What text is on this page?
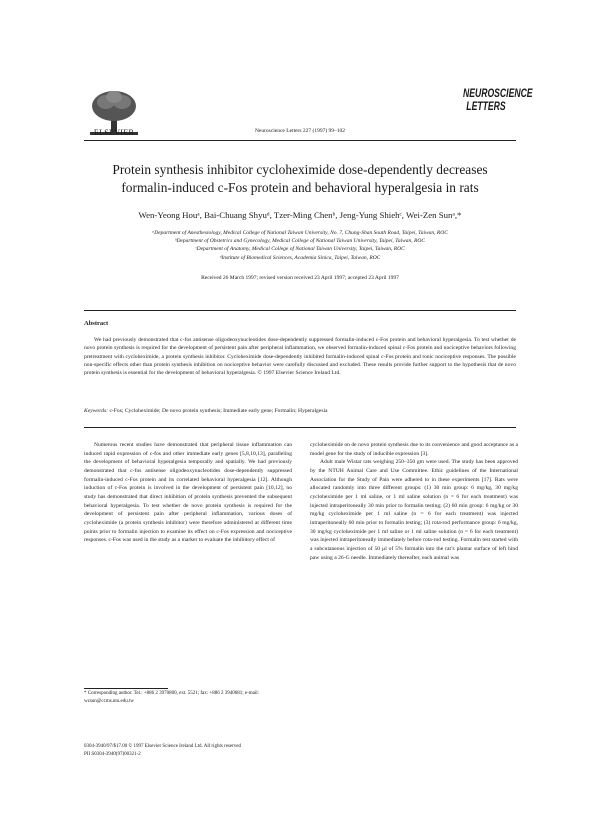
ELSEVIER	Neuroscience Letters 227 (1997) 99–102
NEUROSCIENCE
LETTERS
Protein synthesis inhibitor cycloheximide dose-dependently decreases
formalin-induced c-Fos protein and behavioral hyperalgesia in rats
Wen-Yeong Houᵃ, Bai-Chuang Shyuᵈ, Tzer-Ming Chenᵇ, Jeng-Yung Shiehᶜ, Wei-Zen Sunᵃ,*
ᵃDepartment of Anesthesiology, Medical College of National Taiwan University, No. 7, Chung-Shan South Road, Taipei, Taiwan, ROC
ᵇDepartment of Obstetrics and Gynecology, Medical College of National Taiwan University, Taipei, Taiwan, ROC
ᶜDepartment of Anatomy, Medical College of National Taiwan University, Taipei, Taiwan, ROC
ᵈInstitute of Biomedical Sciences, Academia Sinica, Taipei, Taiwan, ROC
Received 26 March 1997; revised version received 23 April 1997; accepted 23 April 1997
Abstract
We had previously demonstrated that c-fos antisense oligodeoxynucleotides dose-dependently suppressed formalin-induced c-Fos protein and behavioral hyperalgesia. To test whether de novo protein synthesis is required for the development of persistent pain after peripheral inflammation, we observed formalin-induced spinal c-Fos protein and nociceptive behaviors following pretreatment with cycloheximide, a protein synthesis inhibitor. Cycloheximide dose-dependently inhibited formalin-induced spinal c-Fos protein and tonic nociceptive responses. The possible non-specific effects other than protein synthesis inhibition on nociceptive behavior were carefully discussed and excluded. These results provide further support to the hypothesis that de novo protein synthesis is essential for the development of behavioral hyperalgesia. © 1997 Elsevier Science Ireland Ltd.
Keywords: c-Fos; Cycloheximide; De novo protein synthesis; Immediate early gene; Formalin; Hyperalgesia
Numerous recent studies have demonstrated that peripheral tissue inflammation can induced rapid expression of c-fos and other immediate early genes [5,8,10,13], paralleling the development of behavioral hyperalgesia temporally and spatially. We had previously demonstrated that c-fos antisense oligodeoxynucleotides dose-dependently suppressed formalin-induced c-Fos protein and its correlated behavioral hyperalgesia [12]. Although induction of c-Fos protein is involved in the development of persistent pain [10,12], no study has demonstrated that direct inhibition of protein synthesis prevented the subsequent behavioral hyperalgesia. To test whether de novo protein synthesis is required for the development of persistent pain after peripheral inflammation, various doses of cycloheximide (a protein synthesis inhibitor) were therefore administered at different time points prior to formalin injection to examine its effect on c-Fos expression and nociceptive responses. c-Fos was used in the study as a marker to evaluate the inhibitory effect of
cycloheximide on de novo protein synthesis due to its convenience and good acceptance as a model gene for the study of inducible expression [3].
Adult male Wistar rats weighing 250–350 gm were used. The study has been approved by the NTUH Animal Care and Use Committee. Ethic guidelines of the International Association for the Study of Pain were adhered to in these experiments [17]. Rats were allocated randomly into three different groups: (1) 30 min group: 6 mg/kg, 30 mg/kg cycloheximide per 1 ml saline, or 1 ml saline solution (n = 6 for each treatment) was injected intraperitoneally 30 min prior to formalin testing; (2) 60 min group: 6 mg/kg or 30 mg/kg cycloheximide per 1 ml saline (n = 6 for each treatment) was injected intraperitoneally 60 min prior to formalin testing; (3) rota-rod performance group: 6 mg/kg, 30 mg/kg cycloheximide per 1 ml saline or 1 ml saline solution (n = 6 for each treatment) was injected intraperitoneally immediately before rota-rod testing. Formalin test started with a subcutaneous injection of 50 µl of 5% formalin into the rat’s plantar surface of left hind paw using a 26-G needle. Immediately thereafter, each animal was
* Corresponding author. Tel.: +886 2 3970800, ext. 5521; fax: +886 2 3940681; e-mail: wzsun@ccms.ntu.edu.tw
0304-3940/97/$17.00 © 1997 Elsevier Science Ireland Ltd. All rights reserved
PII S0304-3940(97)00321-2
